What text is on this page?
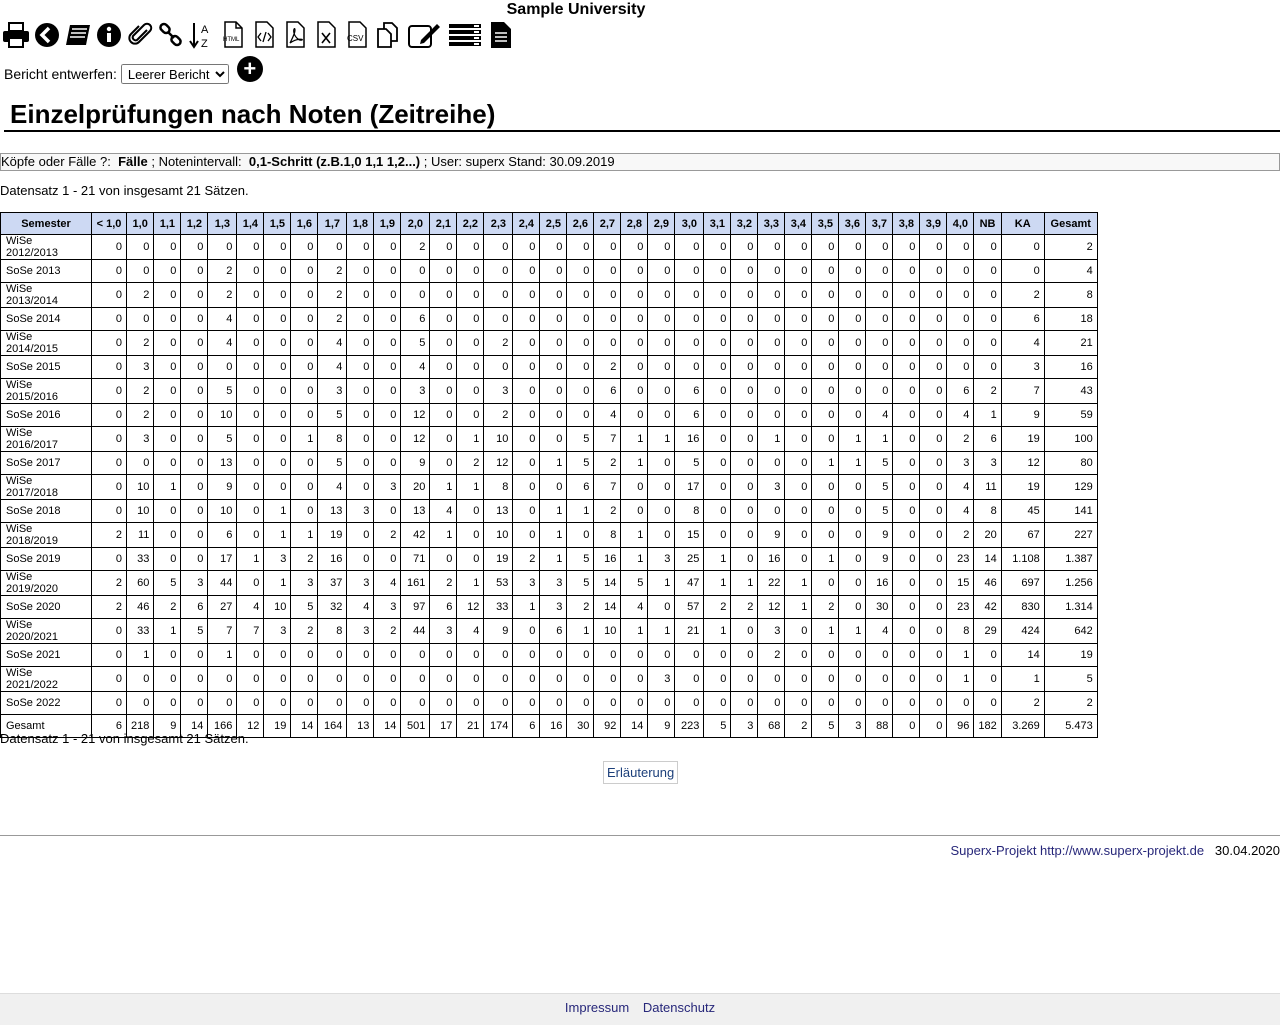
Sample University
A
Z	HTML	CSV
Bericht entwerfen:
Leerer Bericht	+
Einzelprüfungen nach Noten (Zeitreihe)
Köpfe oder Fälle ?: Fälle ; Notenintervall: 0,1-Schritt (z.B.1,0 1,1 1,2...) ; User: superx Stand: 30.09.2019
Datensatz 1 - 21 von insgesamt 21 Sätzen.
Semester	< 1,0	1,0	1,1	1,2	1,3	1,4	1,5	1,6	1,7	1,8	1,9	2,0	2,1	2,2	2,3	2,4	2,5	2,6	2,7	2,8	2,9	3,0	3,1	3,2	3,3	3,4	3,5	3,6	3,7	3,8	3,9	4,0	NB	KA	Gesamt
WiSe 2012/2013	0	0	0	0	0	0	0	0	0	0	0	2	0	0	0	0	0	0	0	0	0	0	0	0	0	0	0	0	0	0	0	0	0	0	2
SoSe 2013	0	0	0	0	2	0	0	0	2	0	0	0	0	0	0	0	0	0	0	0	0	0	0	0	0	0	0	0	0	0	0	0	0	0	4
WiSe 2013/2014	0	2	0	0	2	0	0	0	2	0	0	0	0	0	0	0	0	0	0	0	0	0	0	0	0	0	0	0	0	0	0	0	0	2	8
SoSe 2014	0	0	0	0	4	0	0	0	2	0	0	6	0	0	0	0	0	0	0	0	0	0	0	0	0	0	0	0	0	0	0	0	0	6	18
WiSe 2014/2015	0	2	0	0	4	0	0	0	4	0	0	5	0	0	2	0	0	0	0	0	0	0	0	0	0	0	0	0	0	0	0	0	0	4	21
SoSe 2015	0	3	0	0	0	0	0	0	4	0	0	4	0	0	0	0	0	0	2	0	0	0	0	0	0	0	0	0	0	0	0	0	0	3	16
WiSe 2015/2016	0	2	0	0	5	0	0	0	3	0	0	3	0	0	3	0	0	0	6	0	0	6	0	0	0	0	0	0	0	0	0	6	2	7	43
SoSe 2016	0	2	0	0	10	0	0	0	5	0	0	12	0	0	2	0	0	0	4	0	0	6	0	0	0	0	0	0	4	0	0	4	1	9	59
WiSe 2016/2017	0	3	0	0	5	0	0	1	8	0	0	12	0	1	10	0	0	5	7	1	1	16	0	0	1	0	0	1	1	0	0	2	6	19	100
SoSe 2017	0	0	0	0	13	0	0	0	5	0	0	9	0	2	12	0	1	5	2	1	0	5	0	0	0	0	1	1	5	0	0	3	3	12	80
WiSe 2017/2018	0	10	1	0	9	0	0	0	4	0	3	20	1	1	8	0	0	6	7	0	0	17	0	0	3	0	0	0	5	0	0	4	11	19	129
SoSe 2018	0	10	0	0	10	0	1	0	13	3	0	13	4	0	13	0	1	1	2	0	0	8	0	0	0	0	0	0	5	0	0	4	8	45	141
WiSe 2018/2019	2	11	0	0	6	0	1	1	19	0	2	42	1	0	10	0	1	0	8	1	0	15	0	0	9	0	0	0	9	0	0	2	20	67	227
SoSe 2019	0	33	0	0	17	1	3	2	16	0	0	71	0	0	19	2	1	5	16	1	3	25	1	0	16	0	1	0	9	0	0	23	14	1.108	1.387
WiSe 2019/2020	2	60	5	3	44	0	1	3	37	3	4	161	2	1	53	3	3	5	14	5	1	47	1	1	22	1	0	0	16	0	0	15	46	697	1.256
SoSe 2020	2	46	2	6	27	4	10	5	32	4	3	97	6	12	33	1	3	2	14	4	0	57	2	2	12	1	2	0	30	0	0	23	42	830	1.314
WiSe 2020/2021	0	33	1	5	7	7	3	2	8	3	2	44	3	4	9	0	6	1	10	1	1	21	1	0	3	0	1	1	4	0	0	8	29	424	642
SoSe 2021	0	1	0	0	1	0	0	0	0	0	0	0	0	0	0	0	0	0	0	0	0	0	0	0	2	0	0	0	0	0	0	1	0	14	19
WiSe 2021/2022	0	0	0	0	0	0	0	0	0	0	0	0	0	0	0	0	0	0	0	0	3	0	0	0	0	0	0	0	0	0	0	1	0	1	5
SoSe 2022	0	0	0	0	0	0	0	0	0	0	0	0	0	0	0	0	0	0	0	0	0	0	0	0	0	0	0	0	0	0	0	0	0	2	2
Gesamt	6	218	9	14	166	12	19	14	164	13	14	501	17	21	174	6	16	30	92	14	9	223	5	3	68	2	5	3	88	0	0	96	182	3.269	5.473
Datensatz 1 - 21 von insgesamt 21 Sätzen.
Erläuterung
Superx-Projekt http://www.superx-projekt.de 30.04.2020
Impressum Datenschutz
